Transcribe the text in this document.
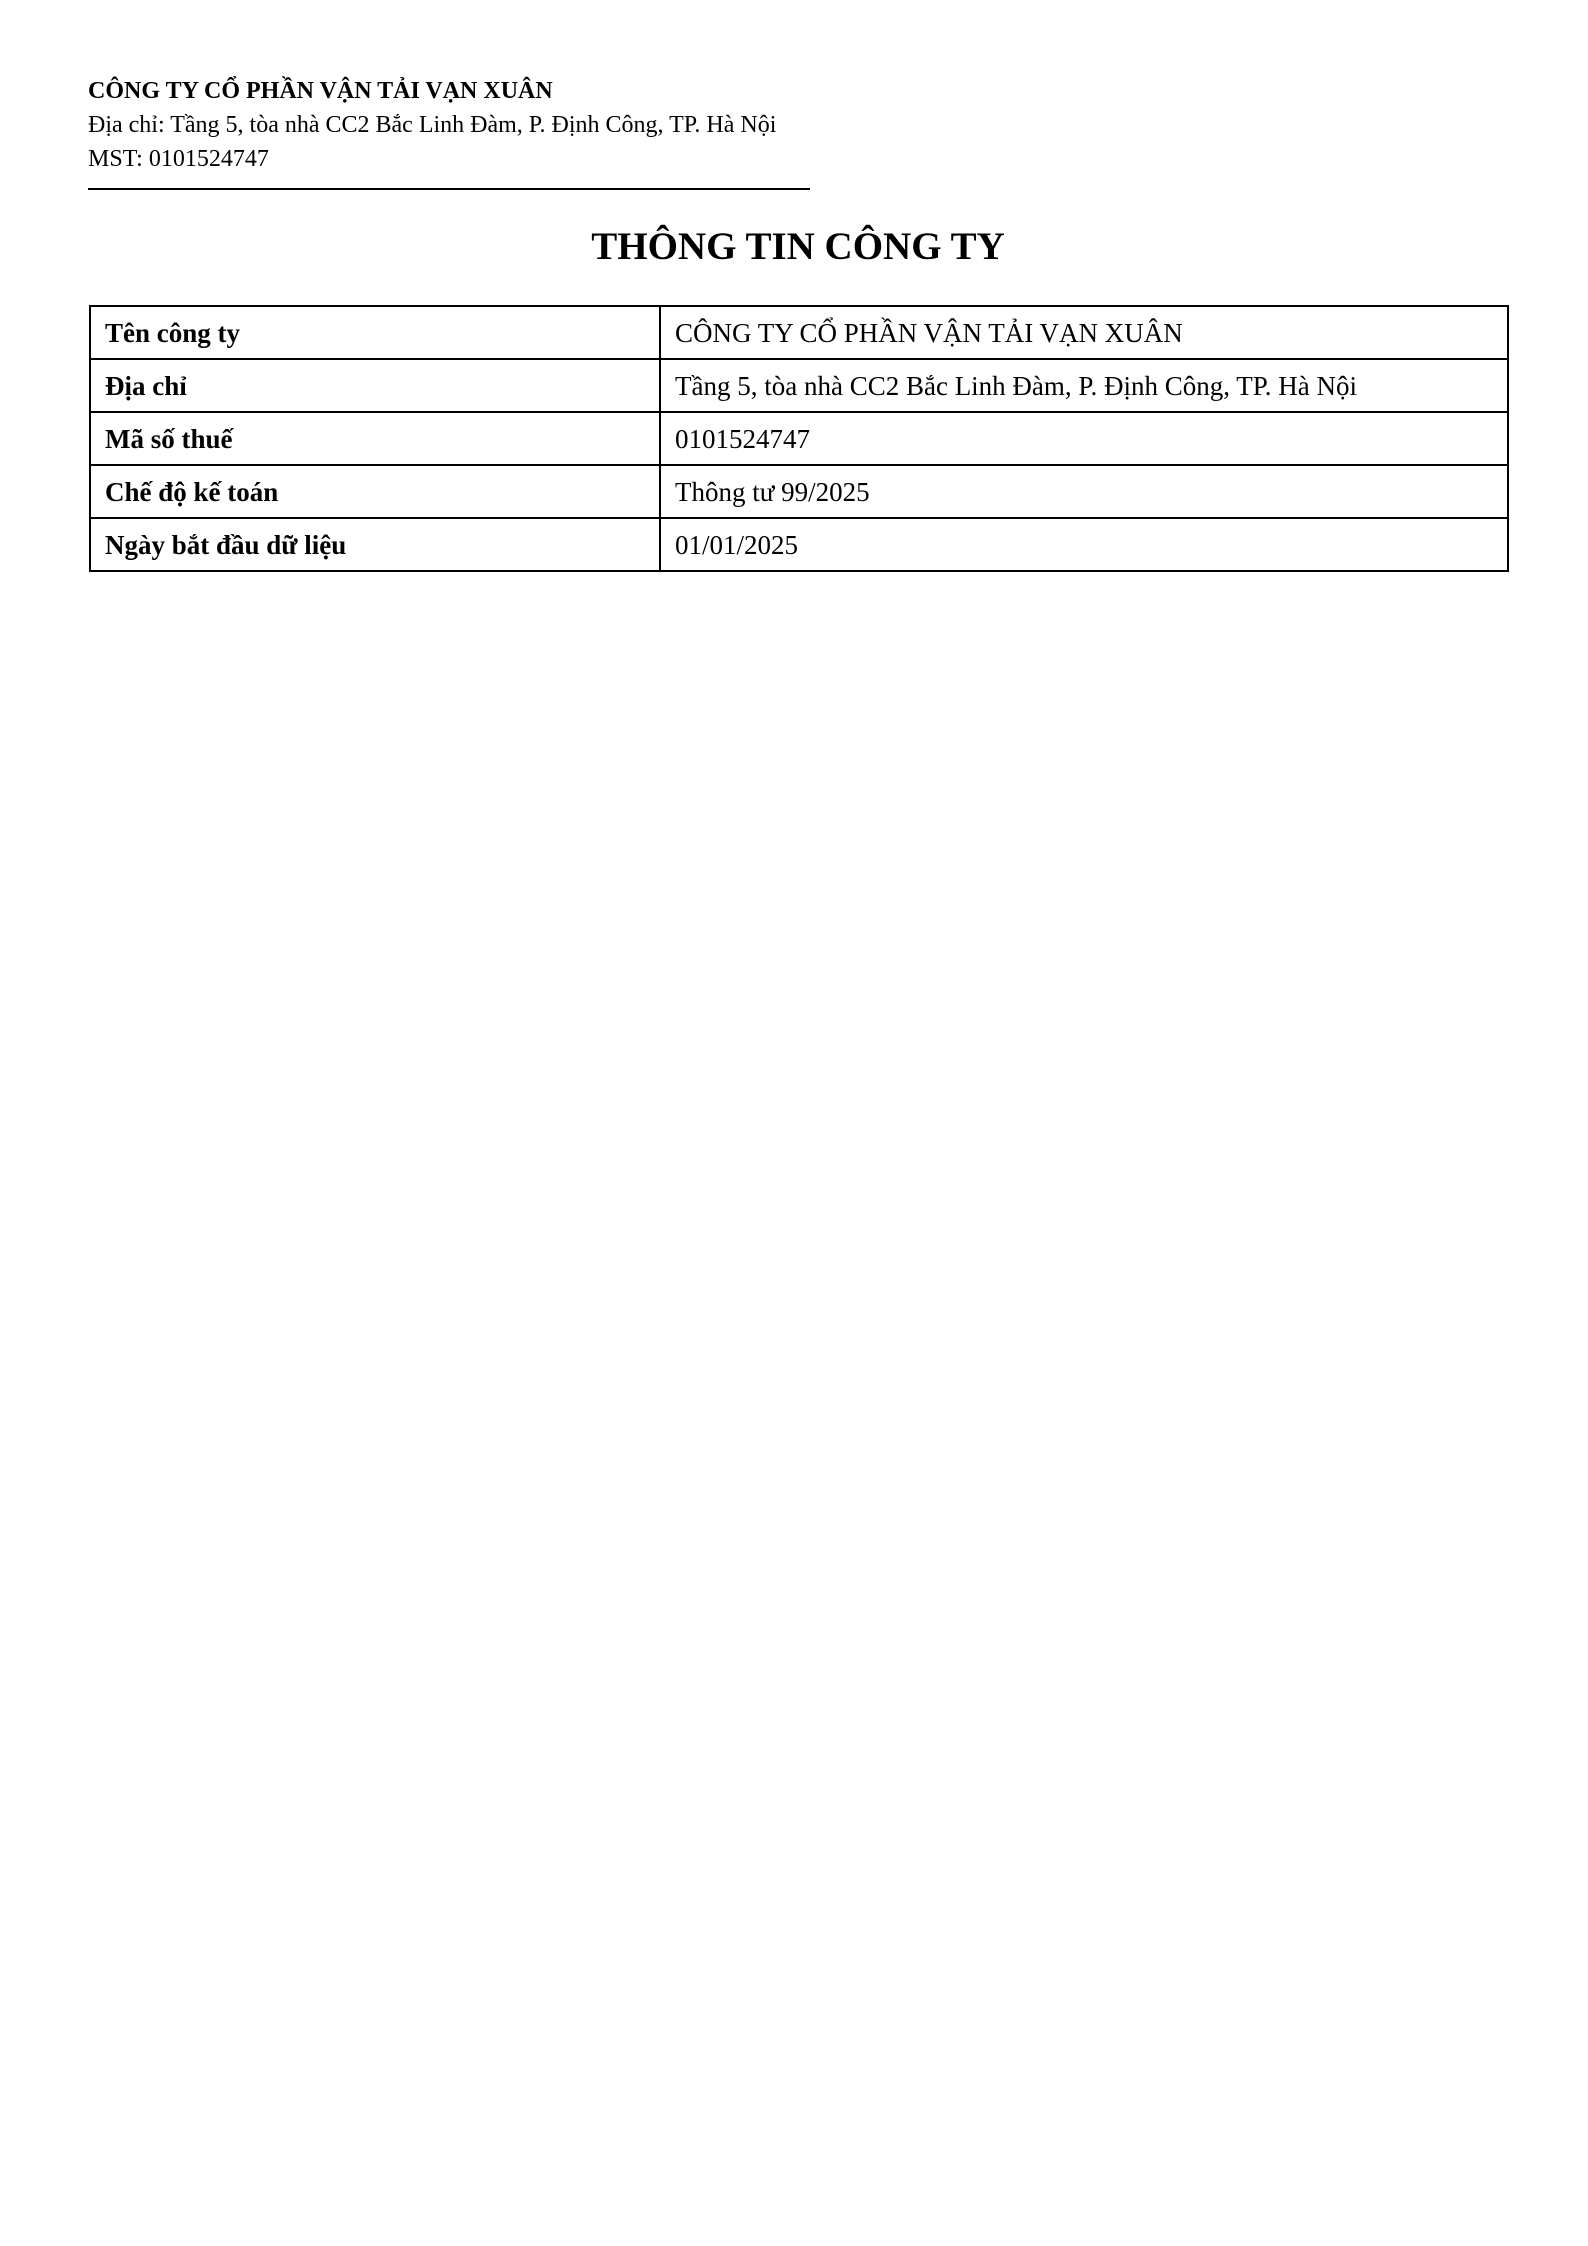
CÔNG TY CỔ PHẦN VẬN TẢI VẠN XUÂN
Địa chỉ: Tầng 5, tòa nhà CC2 Bắc Linh Đàm, P. Định Công, TP. Hà Nội
MST: 0101524747
THÔNG TIN CÔNG TY
Tên công ty	CÔNG TY CỔ PHẦN VẬN TẢI VẠN XUÂN
Địa chỉ	Tầng 5, tòa nhà CC2 Bắc Linh Đàm, P. Định Công, TP. Hà Nội
Mã số thuế	0101524747
Chế độ kế toán	Thông tư 99/2025
Ngày bắt đầu dữ liệu	01/01/2025
